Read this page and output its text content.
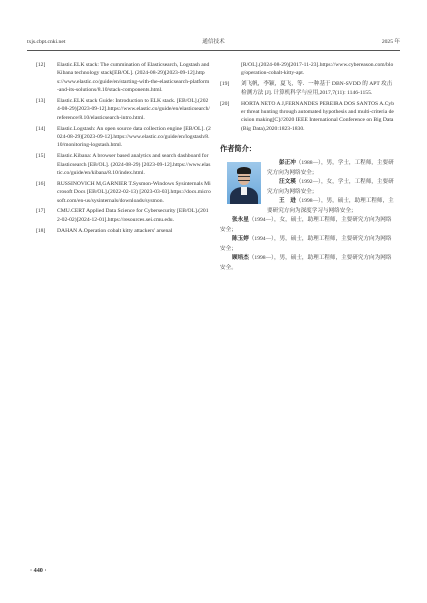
txjs.cbpt.cnki.net	通信技术	2025 年
[12] Elastic.ELK stack: The cummination of Elasticsearch, Logstash and Kibana technology stack[EB/OL]. (2024-08-29)[2023-09-12].https://www.elastic.co/guide/en/starting-with-the-elasticsearch-platform-and-its-solutions/8.10/stack-components.html.
[13] Elastic.ELK stack Guide: Introduction to ELK stack. [EB/OL].(2024-08-29)[2023-09-12].https://www.elastic.co/guide/en/elasticsearch/reference/8.10/elasticsearch-intro.html.
[14] Elastic.Logstash: An open source data collection engine [EB/OL]. (2024-08-29)[2023-09-12].https://www.elastic.co/guide/en/logstash/8.10/monitoring-logstash.html.
[15] Elastic.Kibana: A browser based analytics and search dashboard for Elasticsearch [EB/OL]. (2024-08-29) [2023-09-12].https://www.elastic.co/guide/en/kibana/8.10/index.html.
[16] RUSSINOVICH M,GARNIER T.Sysmon-Windows Sysinternals Microsoft Docs [EB/OL].(2022-02-13) [2023-03-03].https://docs.microsoft.com/en-us/sysinternals/downloads/sysmon.
[17] CMU.CERT Applied Data Science for Cybersecurity [EB/OL].(2012-02-02)[2024-12-01].https://resources.sei.cmu.edu.
[18] DAHAN A.Operation cobalt kitty attackers' arsenal
[R/OL].(2024-08-29)[2017-11-23].https://www.cybereason.com/blog/operation-cobalt-kitty-apt.
[19] 刘飞帆，李颖，夏飞，等．一种基于 DBN-SVDD 的 APT 攻击检测方法 [J]. 计算机科学与应用,2017,7(11): 1146-1155.
[20] HORTA NETO A J,FERNANDES PEREIRA DOS SANTOS A.Cyber threat hunting through automated hypothesis and multi-criteria decision making[C]//2020 IEEE International Conference on Big Data (Big Data),2020:1823-1830.
作者简介：
彭正冲（1988—），男，学士，工程师，主要研究方向为网络安全；
汪文瑛（1992—），女，学士，工程师，主要研究方向为网络安全；
王　进（1998—），男，硕士，助理工程师，主要研究方向为深度学习与网络安全；
张永星（1994—），女，硕士，助理工程师，主要研究方向为网络安全；
陈玉婷（1994—），男，硕士，助理工程师，主要研究方向为网络安全；
顾培杰（1998—），男，硕士，助理工程师，主要研究方向为网络安全。
· 440 ·
